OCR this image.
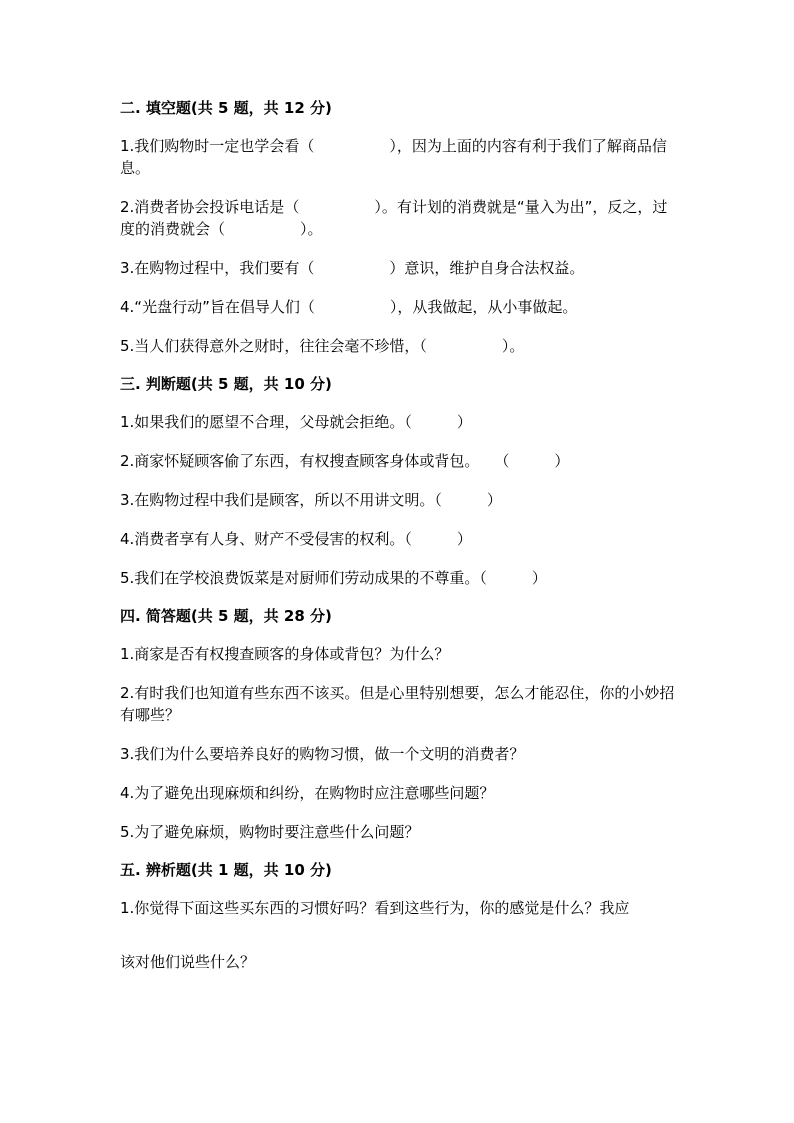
二. 填空题(共 5 题，共 12 分)

1.我们购物时一定也学会看（　　　　　），因为上面的内容有利于我们了解商品信息。

2.消费者协会投诉电话是（　　　　　）。有计划的消费就是“量入为出”，反之，过度的消费就会（　　　　　）。

3.在购物过程中，我们要有（　　　　　）意识，维护自身合法权益。

4.“光盘行动”旨在倡导人们（　　　　　），从我做起，从小事做起。

5.当人们获得意外之财时，往往会毫不珍惜，（　　　　　）。

三. 判断题(共 5 题，共 10 分)

1.如果我们的愿望不合理，父母就会拒绝。（　　　）

2.商家怀疑顾客偷了东西，有权搜查顾客身体或背包。　　（　　　）

3.在购物过程中我们是顾客，所以不用讲文明。（　　　）

4.消费者享有人身、财产不受侵害的权利。（　　　）

5.我们在学校浪费饭菜是对厨师们劳动成果的不尊重。（　　　）

四. 简答题(共 5 题，共 28 分)

1.商家是否有权搜查顾客的身体或背包？为什么？

2.有时我们也知道有些东西不该买。但是心里特别想要，怎么才能忍住，你的小妙招有哪些？

3.我们为什么要培养良好的购物习惯，做一个文明的消费者？

4.为了避免出现麻烦和纠纷，在购物时应注意哪些问题？

5.为了避免麻烦，购物时要注意些什么问题？

五. 辨析题(共 1 题，共 10 分)

1.你觉得下面这些买东西的习惯好吗？看到这些行为，你的感觉是什么？我应

该对他们说些什么？
